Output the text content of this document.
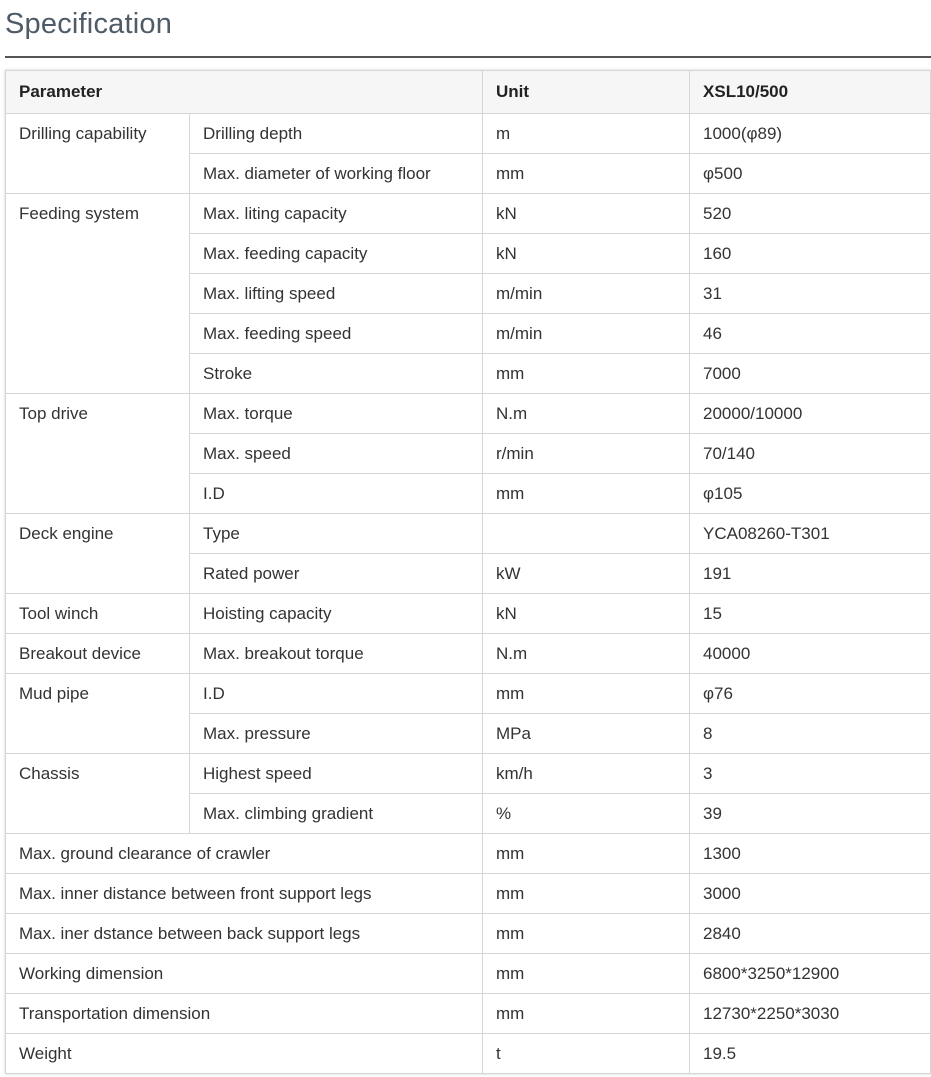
Specification
Parameter		Unit	XSL10/500
Drilling capability	Drilling depth	m	1000(φ89)
	Max. diameter of working floor	mm	φ500
Feeding system	Max. liting capacity	kN	520
	Max. feeding capacity	kN	160
	Max. lifting speed	m/min	31
	Max. feeding speed	m/min	46
	Stroke	mm	7000
Top drive	Max. torque	N.m	20000/10000
	Max. speed	r/min	70/140
	I.D	mm	φ105
Deck engine	Type		YCA08260-T301
	Rated power	kW	191
Tool winch	Hoisting capacity	kN	15
Breakout device	Max. breakout torque	N.m	40000
Mud pipe	I.D	mm	φ76
	Max. pressure	MPa	8
Chassis	Highest speed	km/h	3
	Max. climbing gradient	%	39
Max. ground clearance of crawler		mm	1300
Max. inner distance between front support legs		mm	3000
Max. iner dstance between back support legs		mm	2840
Working dimension		mm	6800*3250*12900
Transportation dimension		mm	12730*2250*3030
Weight		t	19.5
